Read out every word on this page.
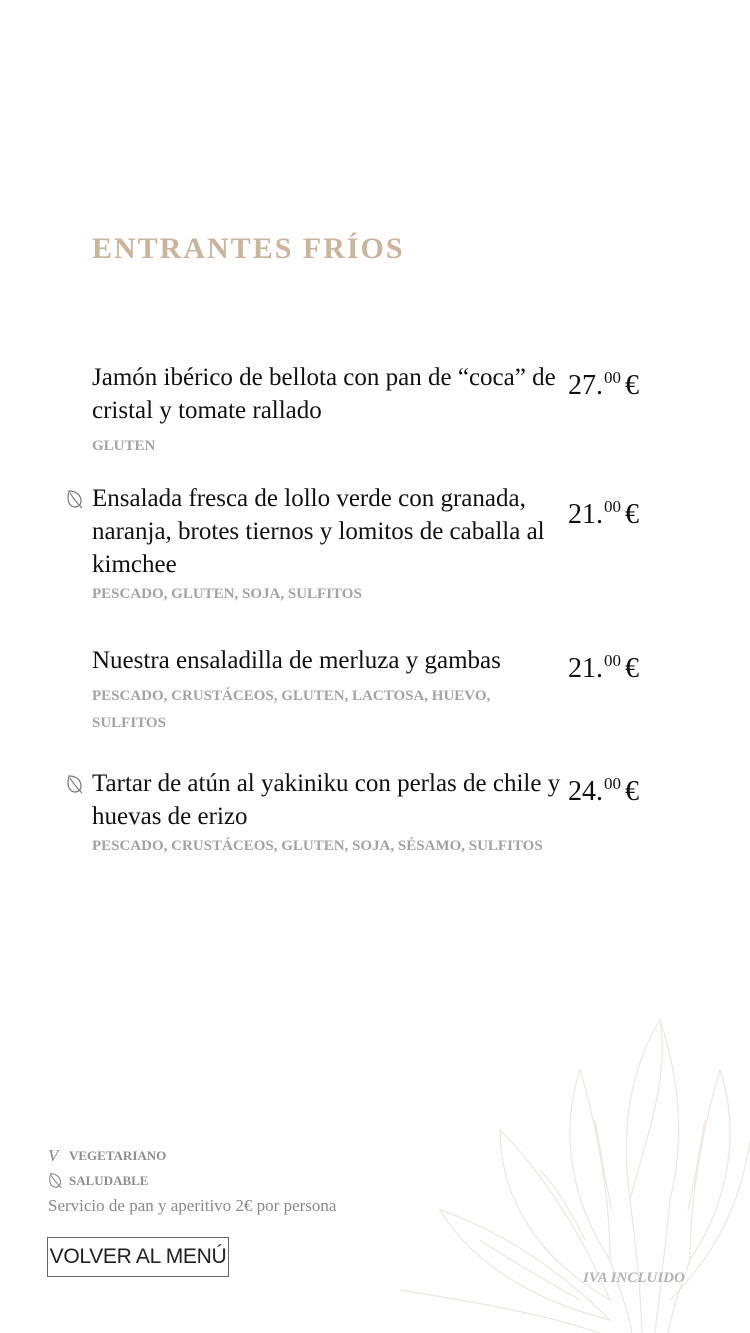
ENTRANTES FRÍOS
Jamón ibérico de bellota con pan de “coca” de cristal y tomate rallado
27.00 €
GLUTEN
Ensalada fresca de lollo verde con granada, naranja, brotes tiernos y lomitos de caballa al kimchee
21.00 €
PESCADO, GLUTEN, SOJA, SULFITOS
Nuestra ensaladilla de merluza y gambas	21.00 €
PESCADO, CRUSTÁCEOS, GLUTEN, LACTOSA, HUEVO, SULFITOS
Tartar de atún al yakiniku con perlas de chile y huevas de erizo
24.00 €
PESCADO, CRUSTÁCEOS, GLUTEN, SOJA, SÉSAMO, SULFITOS
V VEGETARIANO
SALUDABLE
Servicio de pan y aperitivo 2€ por persona
VOLVER AL MENÚ
IVA INCLUIDO
